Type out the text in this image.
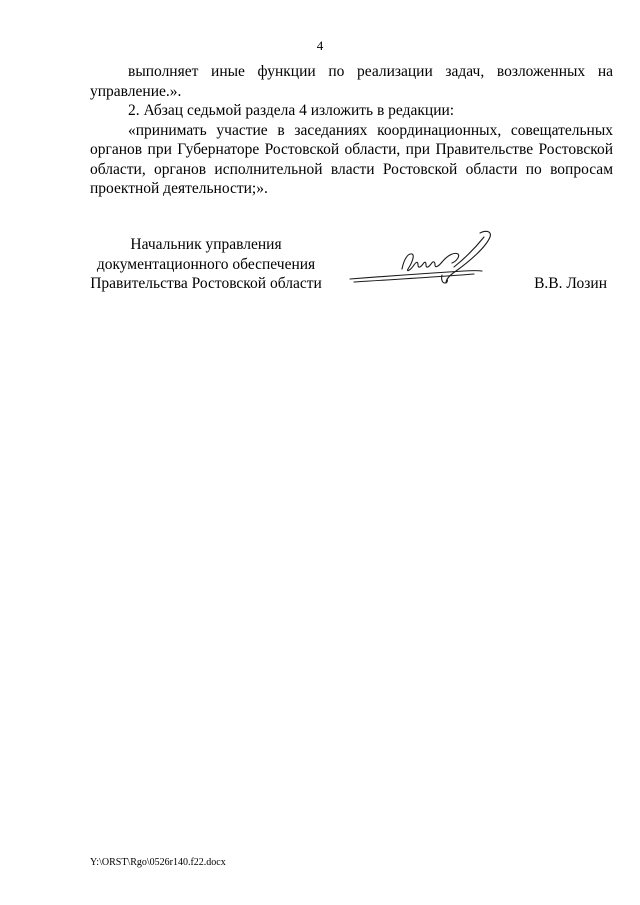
4

выполняет иные функции по реализации задач, возложенных на управление.».

2. Абзац седьмой раздела 4 изложить в редакции:

«принимать участие в заседаниях координационных, совещательных органов при Губернаторе Ростовской области, при Правительстве Ростовской области, органов исполнительной власти Ростовской области по вопросам проектной деятельности;».

Начальник управления
документационного обеспечения
Правительства Ростовской области	В.В. Лозин
Y:\ORST\Rgo\0526r140.f22.docx
